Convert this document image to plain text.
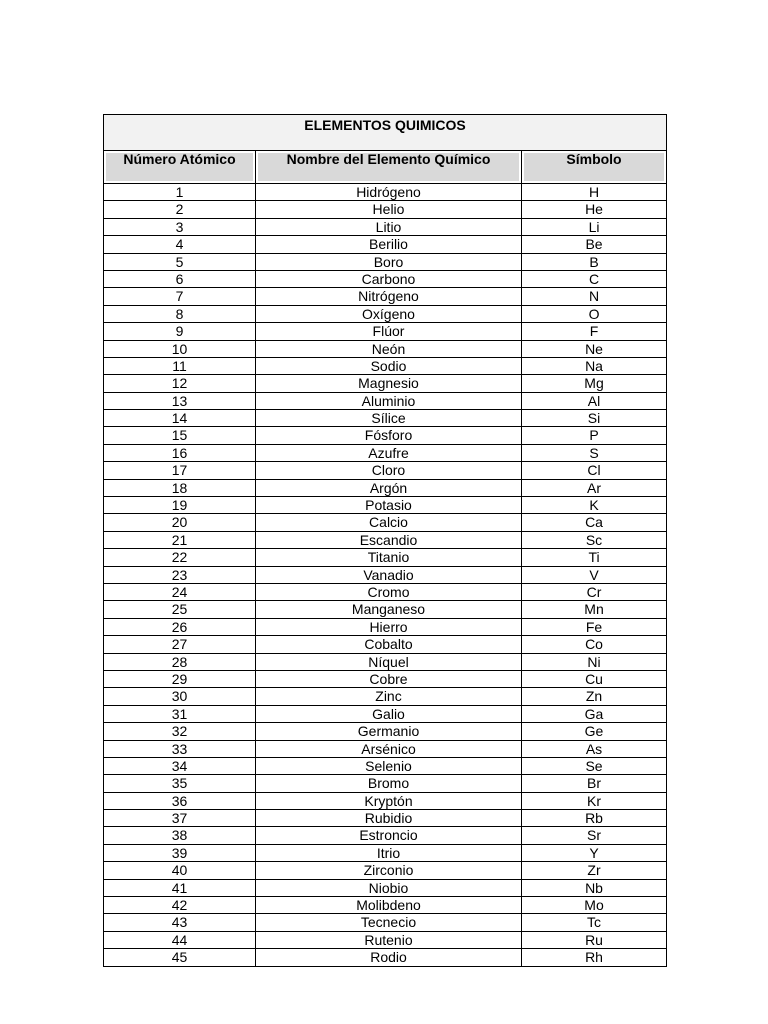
ELEMENTOS QUIMICOS		
Número Atómico	Nombre del Elemento Químico	Símbolo
1	Hidrógeno	H
2	Helio	He
3	Litio	Li
4	Berilio	Be
5	Boro	B
6	Carbono	C
7	Nitrógeno	N
8	Oxígeno	O
9	Flúor	F
10	Neón	Ne
11	Sodio	Na
12	Magnesio	Mg
13	Aluminio	Al
14	Sílice	Si
15	Fósforo	P
16	Azufre	S
17	Cloro	Cl
18	Argón	Ar
19	Potasio	K
20	Calcio	Ca
21	Escandio	Sc
22	Titanio	Ti
23	Vanadio	V
24	Cromo	Cr
25	Manganeso	Mn
26	Hierro	Fe
27	Cobalto	Co
28	Níquel	Ni
29	Cobre	Cu
30	Zinc	Zn
31	Galio	Ga
32	Germanio	Ge
33	Arsénico	As
34	Selenio	Se
35	Bromo	Br
36	Kryptón	Kr
37	Rubidio	Rb
38	Estroncio	Sr
39	Itrio	Y
40	Zirconio	Zr
41	Niobio	Nb
42	Molibdeno	Mo
43	Tecnecio	Tc
44	Rutenio	Ru
45	Rodio	Rh
